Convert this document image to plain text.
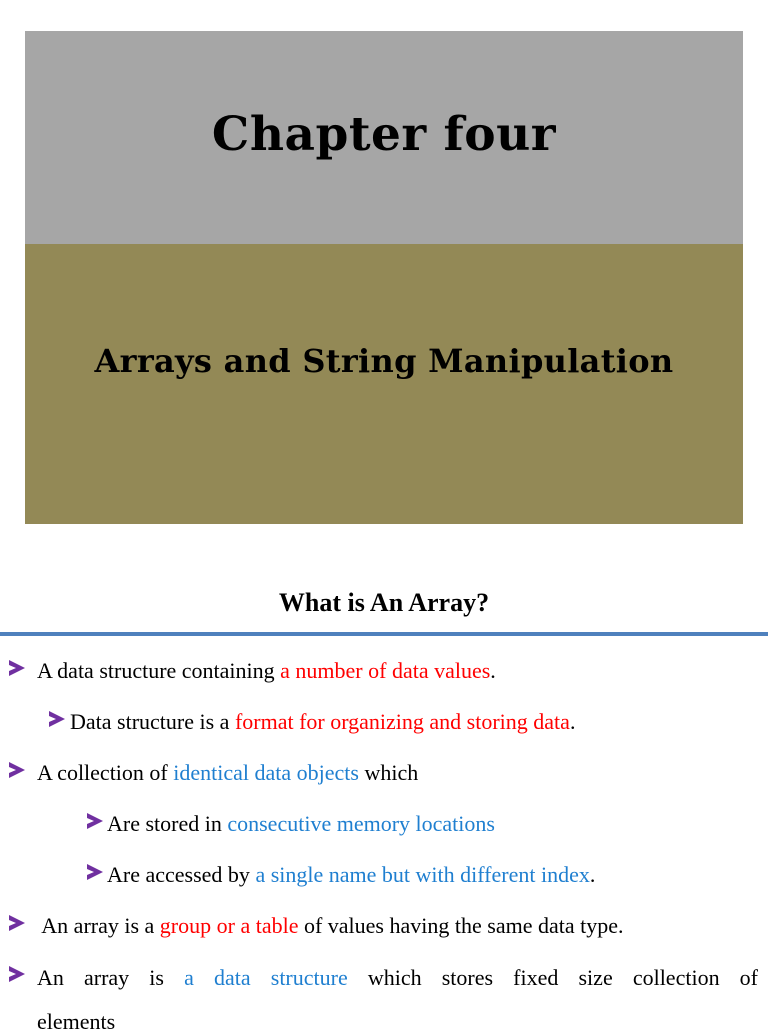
Chapter four
Arrays and String Manipulation
What is An Array?
A data structure containing a number of data values.
Data structure is a format for organizing and storing data.
A collection of identical data objects which
Are stored in consecutive memory locations
Are accessed by a single name but with different index.
An array is a group or a table of values having the same data type.
An array is a data structure which stores fixed size collection of
elements
